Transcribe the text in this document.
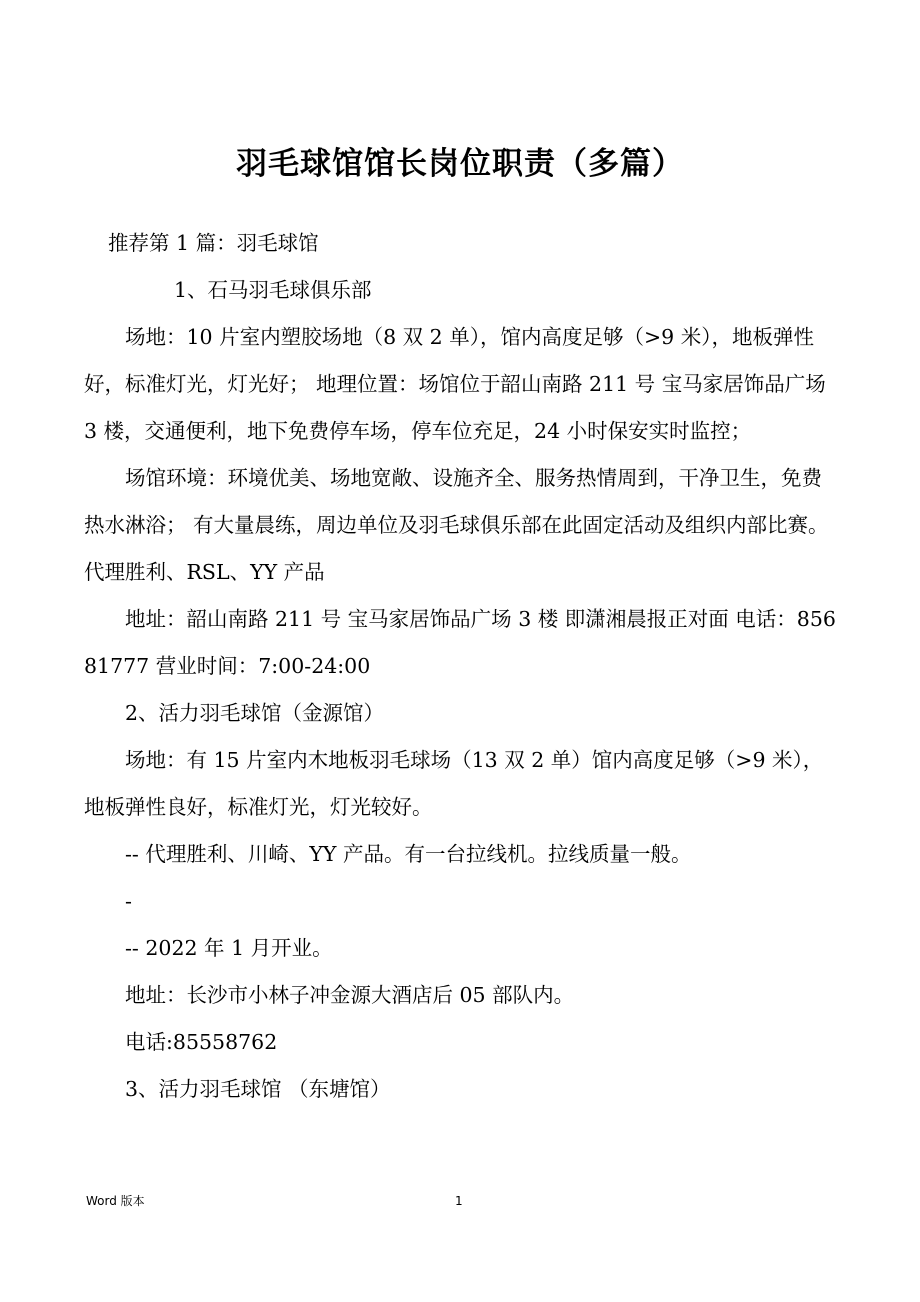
羽毛球馆馆长岗位职责（多篇）

推荐第 1 篇：羽毛球馆

1、石马羽毛球俱乐部

场地：10 片室内塑胶场地（8 双 2 单），馆内高度足够（>9 米），地板弹性好，标准灯光，灯光好； 地理位置：场馆位于韶山南路 211 号 宝马家居饰品广场 3 楼，交通便利，地下免费停车场，停车位充足，24 小时保安实时监控；

场馆环境：环境优美、场地宽敞、设施齐全、服务热情周到，干净卫生，免费热水淋浴； 有大量晨练，周边单位及羽毛球俱乐部在此固定活动及组织内部比赛。 代理胜利、RSL、YY 产品

地址：韶山南路 211 号 宝马家居饰品广场 3 楼 即潇湘晨报正对面 电话：85681777 营业时间：7:00-24:00

2、活力羽毛球馆（金源馆）

场地：有 15 片室内木地板羽毛球场（13 双 2 单）馆内高度足够（>9 米），地板弹性良好，标准灯光，灯光较好。

-- 代理胜利、川崎、YY 产品。有一台拉线机。拉线质量一般。

-

-- 2022 年 1 月开业。

地址：长沙市小林子冲金源大酒店后 05 部队内。

电话:85558762

3、活力羽毛球馆 （东塘馆）

Word 版本	1
